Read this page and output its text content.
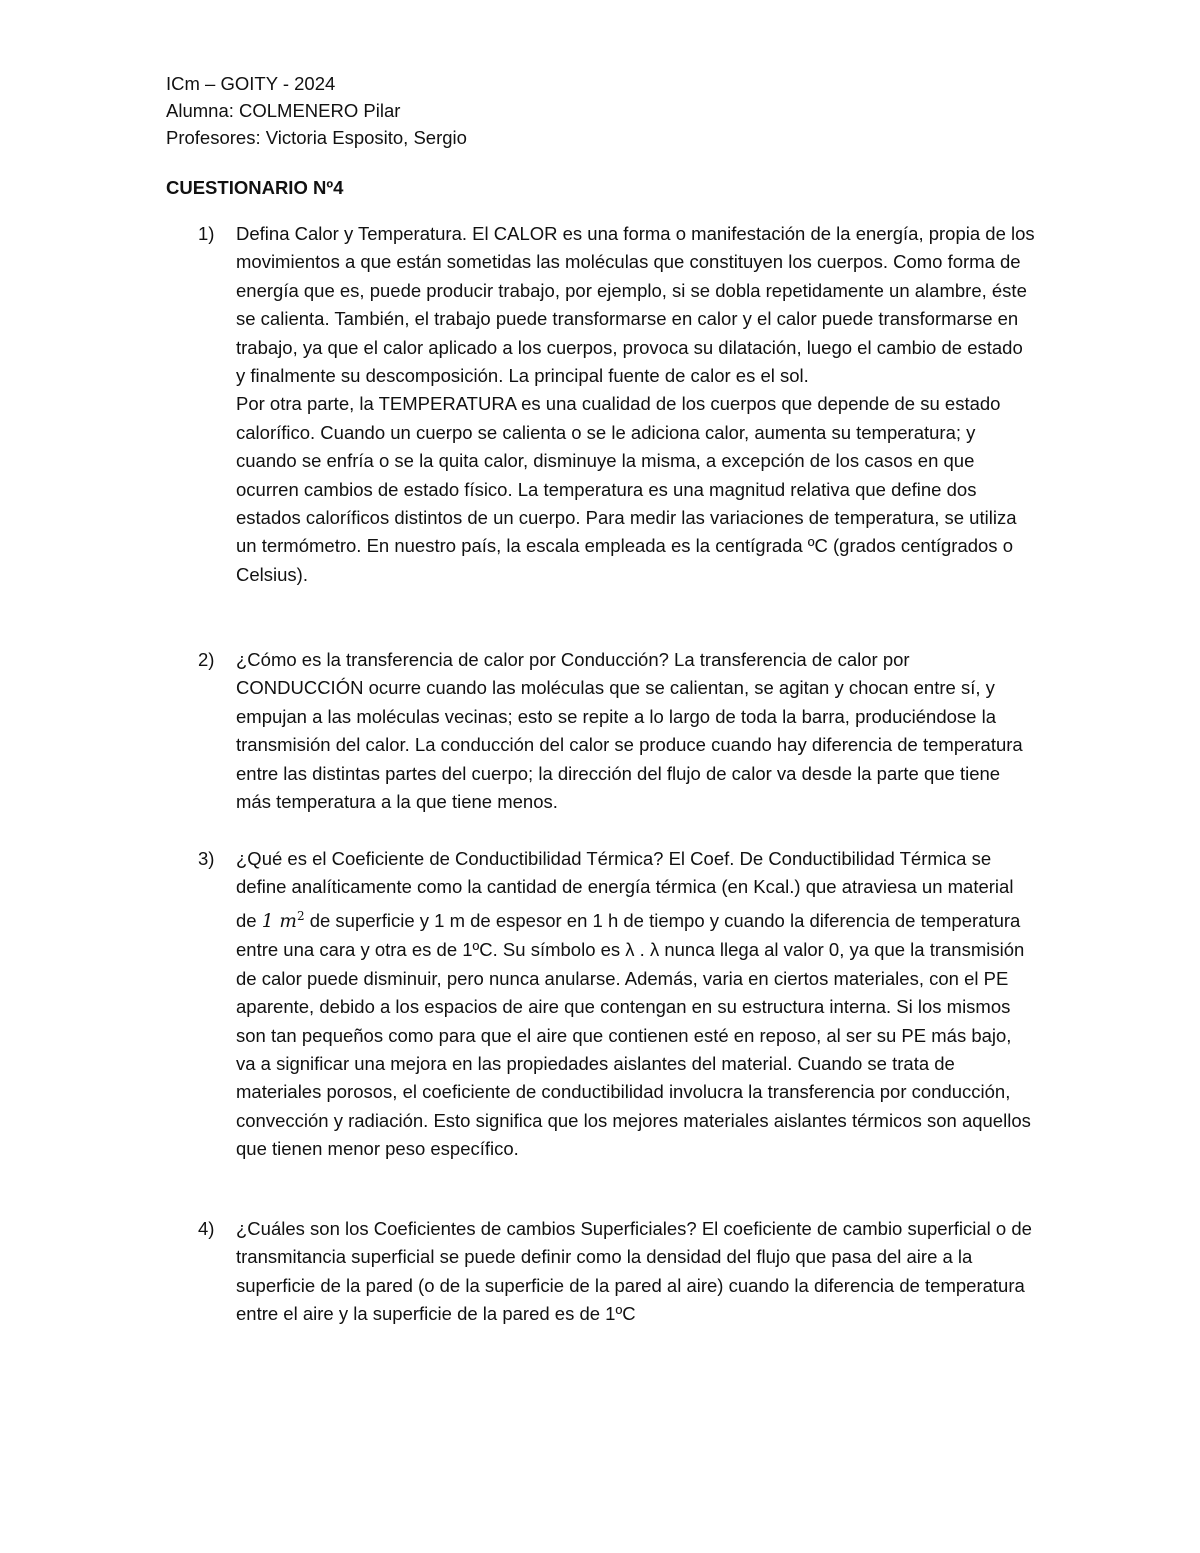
ICm – GOITY - 2024
Alumna: COLMENERO Pilar
Profesores: Victoria Esposito, Sergio
CUESTIONARIO Nº4
1) Defina Calor y Temperatura. El CALOR es una forma o manifestación de la energía, propia de los movimientos a que están sometidas las moléculas que constituyen los cuerpos. Como forma de energía que es, puede producir trabajo, por ejemplo, si se dobla repetidamente un alambre, éste se calienta. También, el trabajo puede transformarse en calor y el calor puede transformarse en trabajo, ya que el calor aplicado a los cuerpos, provoca su dilatación, luego el cambio de estado y finalmente su descomposición. La principal fuente de calor es el sol.
Por otra parte, la TEMPERATURA es una cualidad de los cuerpos que depende de su estado calorífico. Cuando un cuerpo se calienta o se le adiciona calor, aumenta su temperatura; y cuando se enfría o se la quita calor, disminuye la misma, a excepción de los casos en que ocurren cambios de estado físico. La temperatura es una magnitud relativa que define dos estados caloríficos distintos de un cuerpo. Para medir las variaciones de temperatura, se utiliza un termómetro. En nuestro país, la escala empleada es la centígrada ºC (grados centígrados o Celsius).
2) ¿Cómo es la transferencia de calor por Conducción? La transferencia de calor por CONDUCCIÓN ocurre cuando las moléculas que se calientan, se agitan y chocan entre sí, y empujan a las moléculas vecinas; esto se repite a lo largo de toda la barra, produciéndose la transmisión del calor. La conducción del calor se produce cuando hay diferencia de temperatura entre las distintas partes del cuerpo; la dirección del flujo de calor va desde la parte que tiene más temperatura a la que tiene menos.
3) ¿Qué es el Coeficiente de Conductibilidad Térmica? El Coef. De Conductibilidad Térmica se define analíticamente como la cantidad de energía térmica (en Kcal.) que atraviesa un material de 1 $m^2$ de superficie y 1 m de espesor en 1 h de tiempo y cuando la diferencia de temperatura entre una cara y otra es de 1ºC. Su símbolo es λ . λ nunca llega al valor 0, ya que la transmisión de calor puede disminuir, pero nunca anularse. Además, varia en ciertos materiales, con el PE aparente, debido a los espacios de aire que contengan en su estructura interna. Si los mismos son tan pequeños como para que el aire que contienen esté en reposo, al ser su PE más bajo, va a significar una mejora en las propiedades aislantes del material. Cuando se trata de materiales porosos, el coeficiente de conductibilidad involucra la transferencia por conducción, convección y radiación. Esto significa que los mejores materiales aislantes térmicos son aquellos que tienen menor peso específico.
4) ¿Cuáles son los Coeficientes de cambios Superficiales? El coeficiente de cambio superficial o de transmitancia superficial se puede definir como la densidad del flujo que pasa del aire a la superficie de la pared (o de la superficie de la pared al aire) cuando la diferencia de temperatura entre el aire y la superficie de la pared es de 1ºC
